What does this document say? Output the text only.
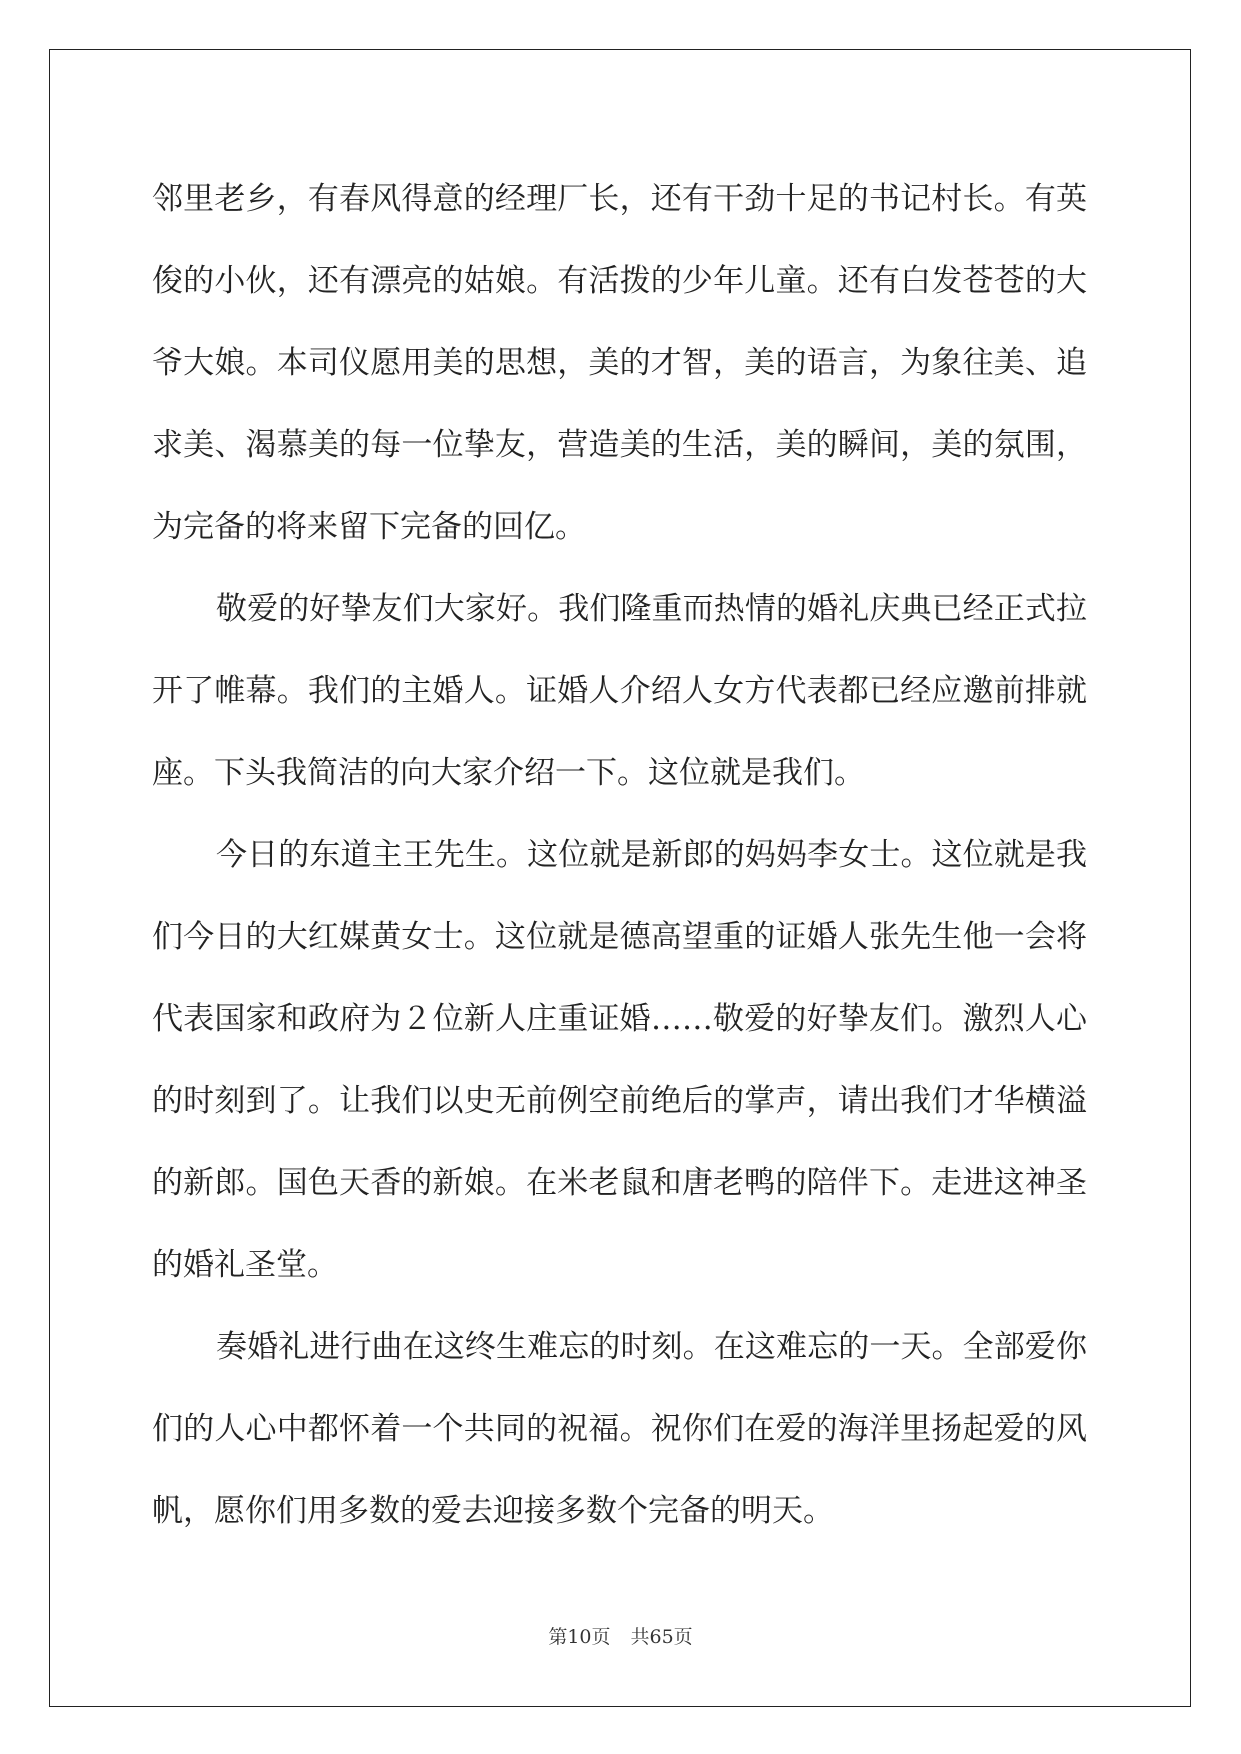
邻里老乡，有春风得意的经理厂长，还有干劲十足的书记村长。有英

俊的小伙，还有漂亮的姑娘。有活拨的少年儿童。还有白发苍苍的大

爷大娘。本司仪愿用美的思想，美的才智，美的语言，为象往美、追

求美、渴慕美的每一位挚友，营造美的生活，美的瞬间，美的氛围，

为完备的将来留下完备的回亿。

敬爱的好挚友们大家好。我们隆重而热情的婚礼庆典已经正式拉

开了帷幕。我们的主婚人。证婚人介绍人女方代表都已经应邀前排就

座。下头我简洁的向大家介绍一下。这位就是我们。

今日的东道主王先生。这位就是新郎的妈妈李女士。这位就是我

们今日的大红媒黄女士。这位就是德高望重的证婚人张先生他一会将

代表国家和政府为２位新人庄重证婚……敬爱的好挚友们。激烈人心

的时刻到了。让我们以史无前例空前绝后的掌声，请出我们才华横溢

的新郎。国色天香的新娘。在米老鼠和唐老鸭的陪伴下。走进这神圣

的婚礼圣堂。

奏婚礼进行曲在这终生难忘的时刻。在这难忘的一天。全部爱你

们的人心中都怀着一个共同的祝福。祝你们在爱的海洋里扬起爱的风

帆，愿你们用多数的爱去迎接多数个完备的明天。

第10页 共65页
